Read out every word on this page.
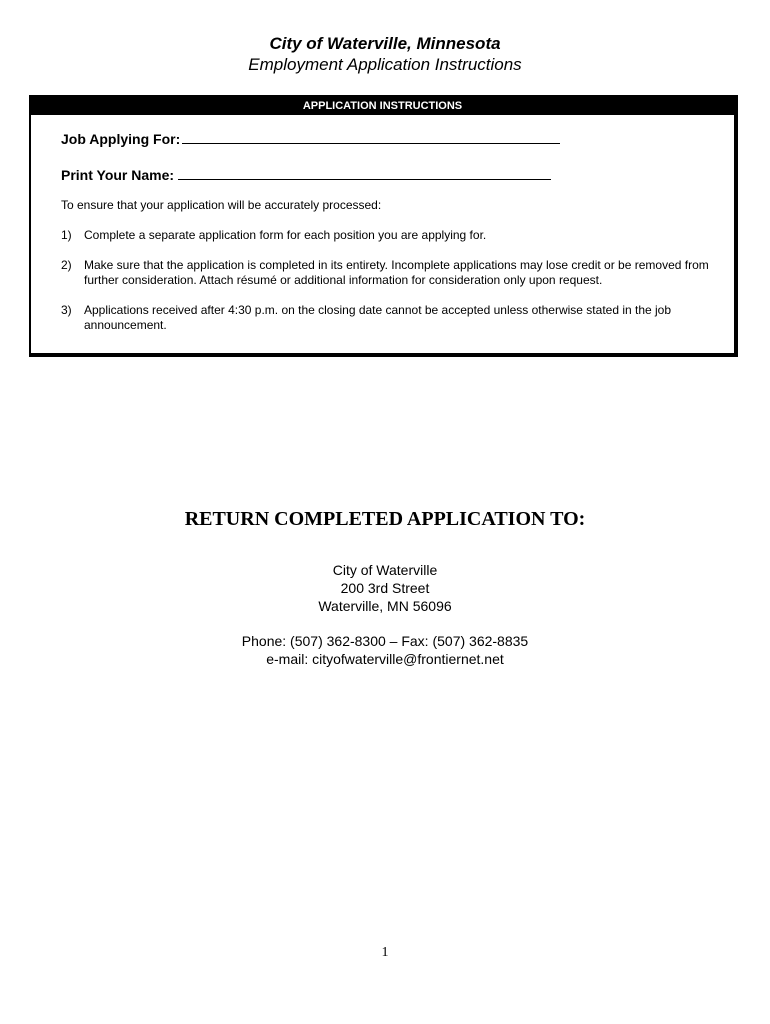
City of Waterville, Minnesota
Employment Application Instructions
APPLICATION INSTRUCTIONS
Job Applying For:
Print Your Name:
To ensure that your application will be accurately processed:
1) Complete a separate application form for each position you are applying for.
2) Make sure that the application is completed in its entirety. Incomplete applications may lose credit or be removed from further consideration. Attach résumé or additional information for consideration only upon request.
3) Applications received after 4:30 p.m. on the closing date cannot be accepted unless otherwise stated in the job announcement.
RETURN COMPLETED APPLICATION TO:
City of Waterville
200 3rd Street
Waterville, MN 56096
Phone: (507) 362-8300 – Fax: (507) 362-8835
e-mail: cityofwaterville@frontiernet.net
1
